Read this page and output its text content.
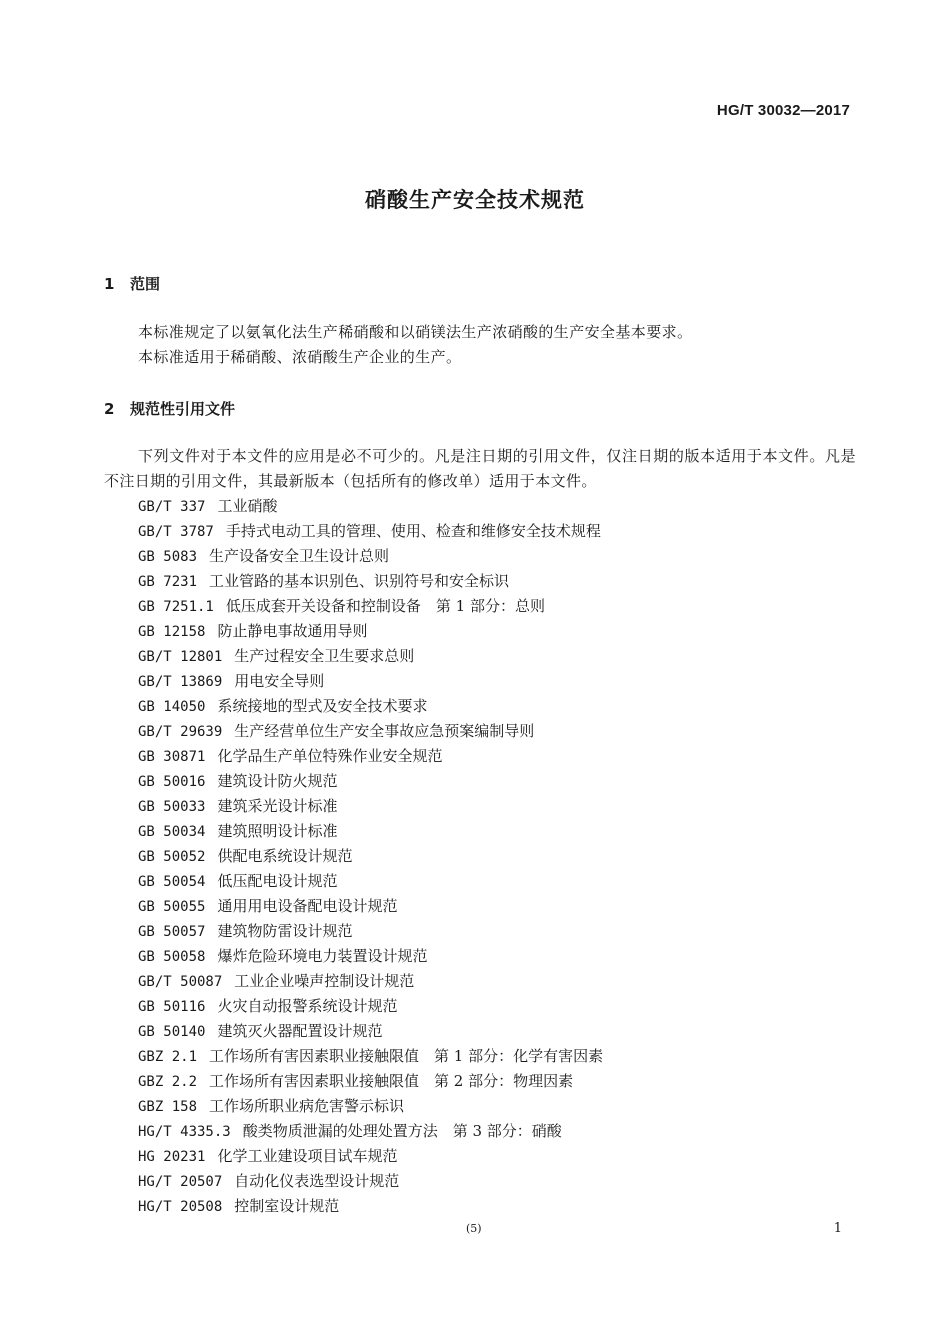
HG/T 30032—2017
硝酸生产安全技术规范
1 范围
本标准规定了以氨氧化法生产稀硝酸和以硝镁法生产浓硝酸的生产安全基本要求。
本标准适用于稀硝酸、浓硝酸生产企业的生产。
2 规范性引用文件
下列文件对于本文件的应用是必不可少的。凡是注日期的引用文件，仅注日期的版本适用于本文件。凡是不注日期的引用文件，其最新版本（包括所有的修改单）适用于本文件。
GB/T 337 工业硝酸
GB/T 3787 手持式电动工具的管理、使用、检查和维修安全技术规程
GB 5083 生产设备安全卫生设计总则
GB 7231 工业管路的基本识别色、识别符号和安全标识
GB 7251.1 低压成套开关设备和控制设备　第 1 部分：总则
GB 12158 防止静电事故通用导则
GB/T 12801 生产过程安全卫生要求总则
GB/T 13869 用电安全导则
GB 14050 系统接地的型式及安全技术要求
GB/T 29639 生产经营单位生产安全事故应急预案编制导则
GB 30871 化学品生产单位特殊作业安全规范
GB 50016 建筑设计防火规范
GB 50033 建筑采光设计标准
GB 50034 建筑照明设计标准
GB 50052 供配电系统设计规范
GB 50054 低压配电设计规范
GB 50055 通用用电设备配电设计规范
GB 50057 建筑物防雷设计规范
GB 50058 爆炸危险环境电力装置设计规范
GB/T 50087 工业企业噪声控制设计规范
GB 50116 火灾自动报警系统设计规范
GB 50140 建筑灭火器配置设计规范
GBZ 2.1 工作场所有害因素职业接触限值　第 1 部分：化学有害因素
GBZ 2.2 工作场所有害因素职业接触限值　第 2 部分：物理因素
GBZ 158 工作场所职业病危害警示标识
HG/T 4335.3 酸类物质泄漏的处理处置方法　第 3 部分：硝酸
HG 20231 化学工业建设项目试车规范
HG/T 20507 自动化仪表选型设计规范
HG/T 20508 控制室设计规范
(5)	1
